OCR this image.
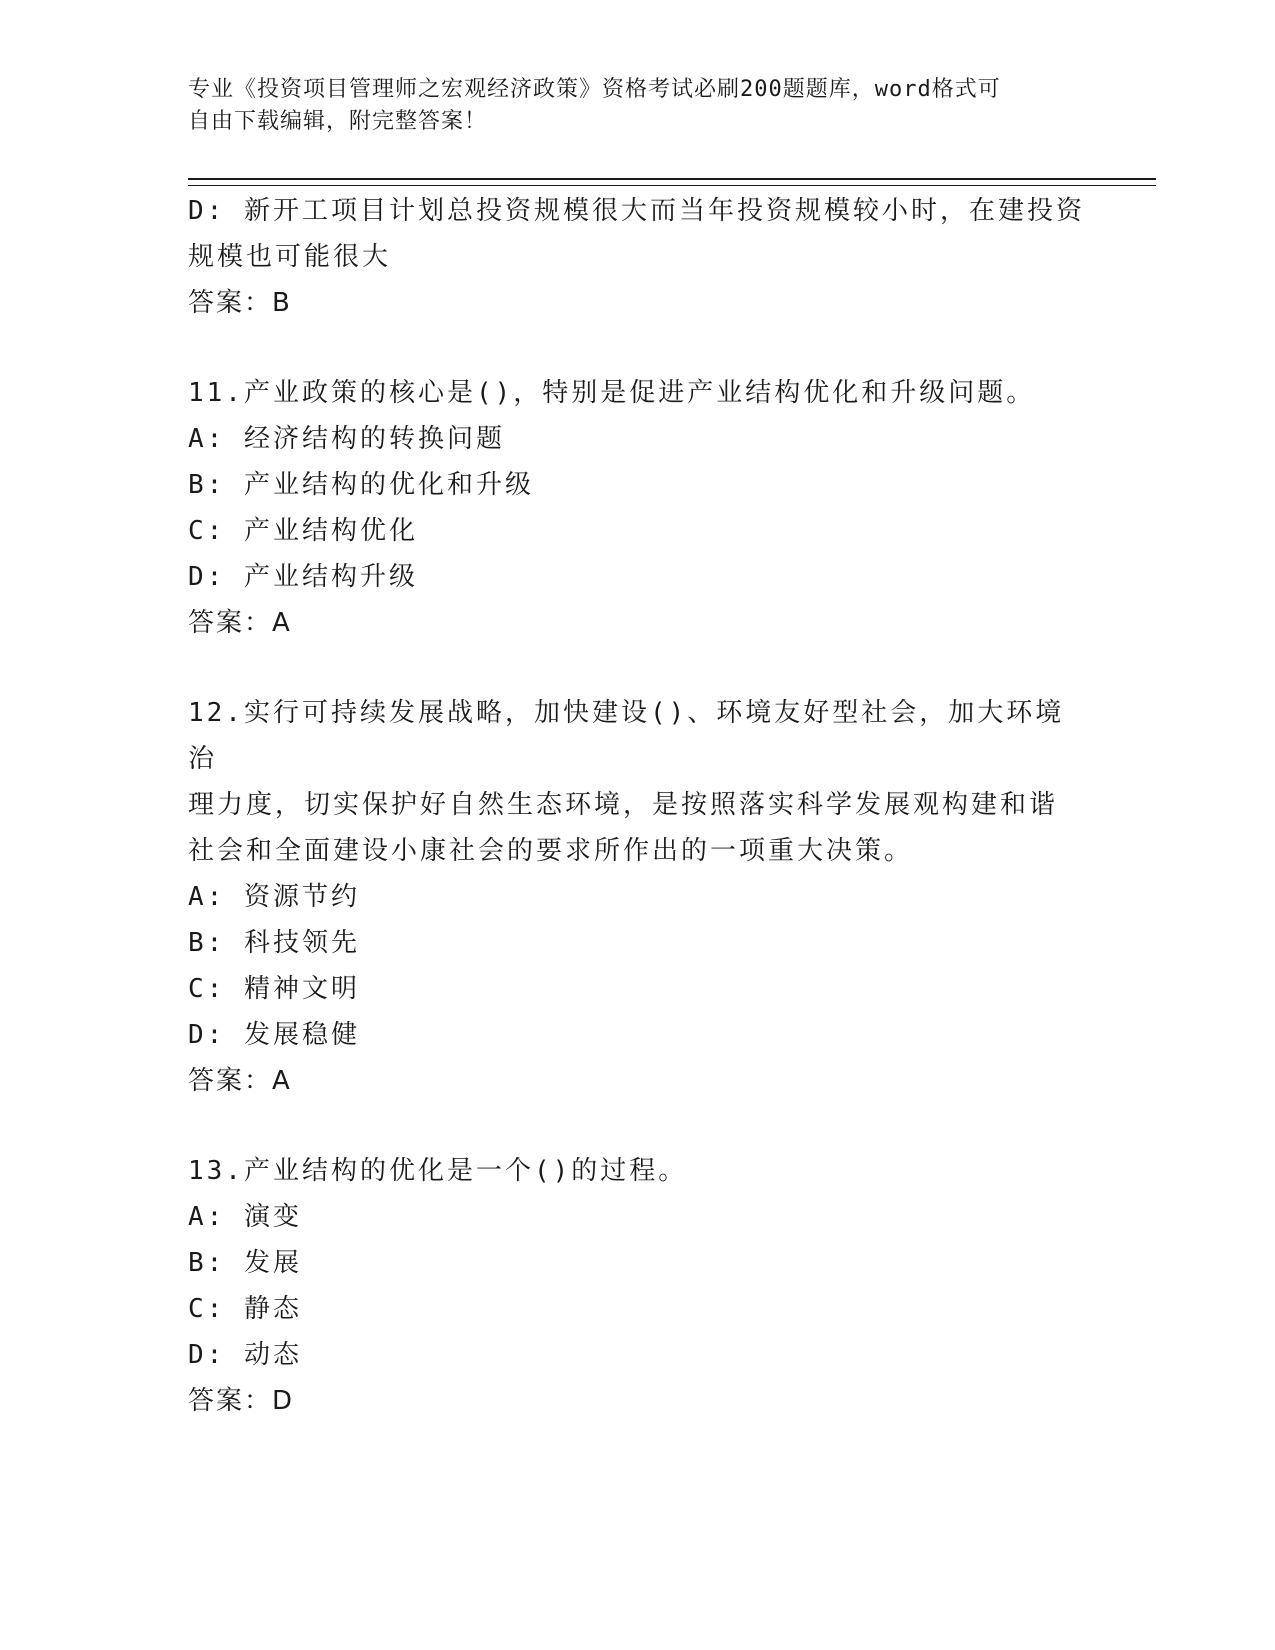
专业《投资项目管理师之宏观经济政策》资格考试必刷200题题库，word格式可
自由下载编辑，附完整答案！
D: 新开工项目计划总投资规模很大而当年投资规模较小时，在建投资
规模也可能很大
答案：B
11.产业政策的核心是()，特别是促进产业结构优化和升级问题。
A: 经济结构的转换问题
B: 产业结构的优化和升级
C: 产业结构优化
D: 产业结构升级
答案：A
12.实行可持续发展战略，加快建设()、环境友好型社会，加大环境治
理力度，切实保护好自然生态环境，是按照落实科学发展观构建和谐
社会和全面建设小康社会的要求所作出的一项重大决策。
A: 资源节约
B: 科技领先
C: 精神文明
D: 发展稳健
答案：A
13.产业结构的优化是一个()的过程。
A: 演变
B: 发展
C: 静态
D: 动态
答案：D
